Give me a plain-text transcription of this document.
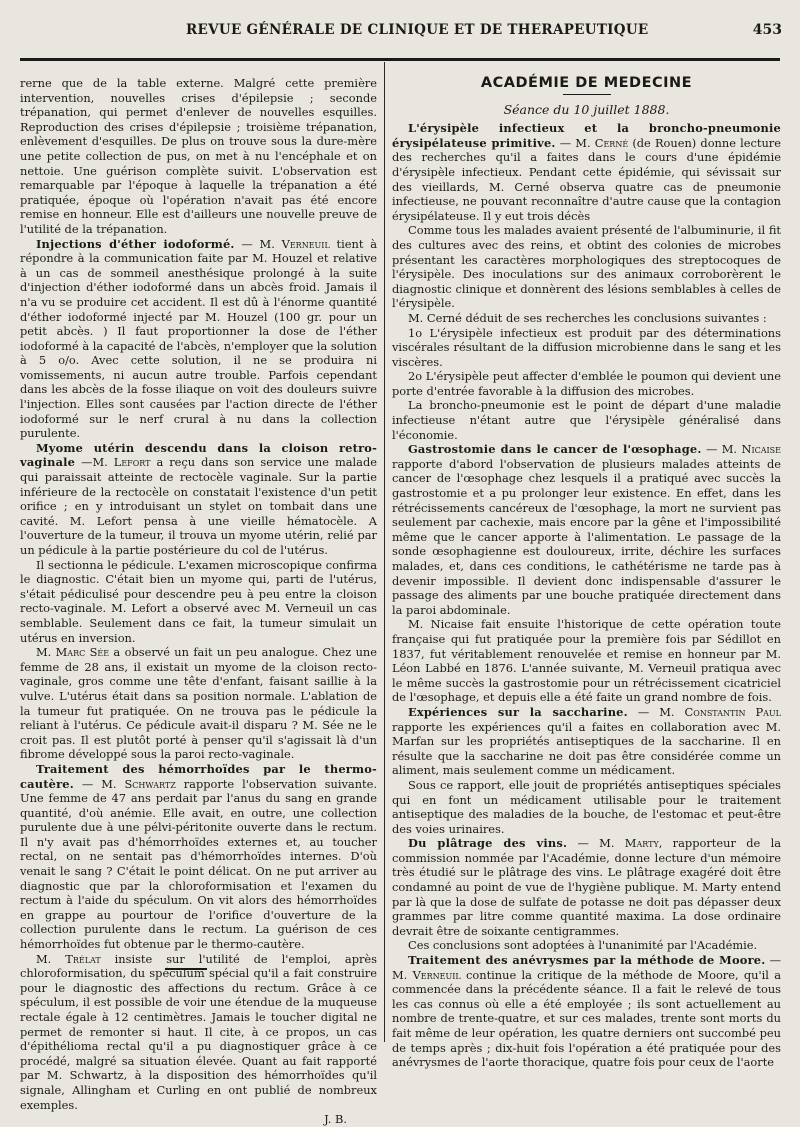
REVUE GÉNÉRALE DE CLINIQUE ET DE THERAPEUTIQUE	453

rerne que de la table externe. Malgré cette première intervention, nouvelles crises d'épilepsie ; seconde trépanation, qui permet d'enlever de nouvelles esquilles. Reproduction des crises d'épilepsie ; troisième trépanation, enlèvement d'esquilles. De plus on trouve sous la dure-mère une petite collection de pus, on met à nu l'encéphale et on nettoie. Une guérison complète suivit. L'observation est remarquable par l'époque à laquelle la trépanation a été pratiquée, époque où l'opération n'avait pas été encore remise en honneur. Elle est d'ailleurs une nouvelle preuve de l'utilité de la trépanation.

Injections d'éther iodoformé. — M. Verneuil tient à répondre à la communication faite par M. Houzel et relative à un cas de sommeil anesthésique prolongé à la suite d'injection d'éther iodoformé dans un abcès froid. Jamais il n'a vu se produire cet accident. Il est dû à l'énorme quantité d'éther iodoformé injecté par M. Houzel (100 gr. pour un petit abcès. ) Il faut proportionner la dose de l'éther iodoformé à la capacité de l'abcès, n'employer que la solution à 5 o/o. Avec cette solution, il ne se produira ni vomissements, ni aucun autre trouble. Parfois cependant dans les abcès de la fosse iliaque on voit des douleurs suivre l'injection. Elles sont causées par l'action directe de l'éther iodoformé sur le nerf crural à nu dans la collection purulente.

Myome utérin descendu dans la cloison retro-vaginale —M. Lefort a reçu dans son service une malade qui paraissait atteinte de rectocèle vaginale. Sur la partie inférieure de la rectocèle on constatait l'existence d'un petit orifice ; en y introduisant un stylet on tombait dans une cavité. M. Lefort pensa à une vieille hématocèle. A l'ouverture de la tumeur, il trouva un myome utérin, relié par un pédicule à la partie postérieure du col de l'utérus.

Il sectionna le pédicule. L'examen microscopique confirma le diagnostic. C'était bien un myome qui, parti de l'utérus, s'était pédiculisé pour descendre peu à peu entre la cloison recto-vaginale. M. Lefort a observé avec M. Verneuil un cas semblable. Seulement dans ce fait, la tumeur simulait un utérus en inversion.

M. Marc Sée a observé un fait un peu analogue. Chez une femme de 28 ans, il existait un myome de la cloison recto-vaginale, gros comme une tête d'enfant, faisant saillie à la vulve. L'utérus était dans sa position normale. L'ablation de la tumeur fut pratiquée. On ne trouva pas le pédicule la reliant à l'utérus. Ce pédicule avait-il disparu ? M. Sée ne le croit pas. Il est plutôt porté à penser qu'il s'agissait là d'un fibrome développé sous la paroi recto-vaginale.

Traitement des hémorrhoïdes par le thermo-cautère. — M. Schwartz rapporte l'observation suivante. Une femme de 47 ans perdait par l'anus du sang en grande quantité, d'où anémie. Elle avait, en outre, une collection purulente due à une pélvi-péritonite ouverte dans le rectum. Il n'y avait pas d'hémorrhoïdes externes et, au toucher rectal, on ne sentait pas d'hémorrhoïdes internes. D'où venait le sang ? C'était le point délicat. On ne put arriver au diagnostic que par la chloroformisation et l'examen du rectum à l'aide du spéculum. On vit alors des hémorrhoïdes en grappe au pourtour de l'orifice d'ouverture de la collection purulente dans le rectum. La guérison de ces hémorrhoïdes fut obtenue par le thermo-cautère.

M. Trélat insiste sur l'utilité de l'emploi, après chloroformisation, du spéculum spécial qu'il a fait construire pour le diagnostic des affections du rectum. Grâce à ce spéculum, il est possible de voir une étendue de la muqueuse rectale égale à 12 centimètres. Jamais le toucher digital ne permet de remonter si haut. Il cite, à ce propos, un cas d'épithélioma rectal qu'il a pu diagnostiquer grâce à ce procédé, malgré sa situation élevée. Quant au fait rapporté par M. Schwartz, à la disposition des hémorrhoïdes qu'il signale, Allingham et Curling en ont publié de nombreux exemples.

J. B.

ACADÉMIE DE MEDECINE
Séance du 10 juillet 1888.

L'érysipèle infectieux et la broncho-pneumonie érysipélateuse primitive. — M. Cerné (de Rouen) donne lecture des recherches qu'il a faites dans le cours d'une épidémie d'érysipèle infectieux. Pendant cette épidémie, qui sévissait sur des vieillards, M. Cerné observa quatre cas de pneumonie infectieuse, ne pouvant reconnaître d'autre cause que la contagion érysipélateuse. Il y eut trois décès

Comme tous les malades avaient présenté de l'albuminurie, il fit des cultures avec des reins, et obtint des colonies de microbes présentant les caractères morphologiques des streptocoques de l'érysipèle. Des inoculations sur des animaux corroborèrent le diagnostic clinique et donnèrent des lésions semblables à celles de l'érysipèle.

M. Cerné déduit de ses recherches les conclusions suivantes :

1o L'érysipèle infectieux est produit par des déterminations viscérales résultant de la diffusion microbienne dans le sang et les viscères.

2o L'érysipèle peut affecter d'emblée le poumon qui devient une porte d'entrée favorable à la diffusion des microbes.

La broncho-pneumonie est le point de départ d'une maladie infectieuse n'étant autre que l'érysipèle généralisé dans l'économie.

Gastrostomie dans le cancer de l'œsophage. — M. Nicaise rapporte d'abord l'observation de plusieurs malades atteints de cancer de l'œsophage chez lesquels il a pratiqué avec succès la gastrostomie et a pu prolonger leur existence. En effet, dans les rétrécissements cancéreux de l'œsophage, la mort ne survient pas seulement par cachexie, mais encore par la gêne et l'impossibilité même que le cancer apporte à l'alimentation. Le passage de la sonde œsophagienne est douloureux, irrite, déchire les surfaces malades, et, dans ces conditions, le cathétérisme ne tarde pas à devenir impossible. Il devient donc indispensable d'assurer le passage des aliments par une bouche pratiquée directement dans la paroi abdominale.

M. Nicaise fait ensuite l'historique de cette opération toute française qui fut pratiquée pour la première fois par Sédillot en 1837, fut véritablement renouvelée et remise en honneur par M. Léon Labbé en 1876. L'année suivante, M. Verneuil pratiqua avec le même succès la gastrostomie pour un rétrécissement cicatriciel de l'œsophage, et depuis elle a été faite un grand nombre de fois.

Expériences sur la saccharine. — M. Constantin Paul rapporte les expériences qu'il a faites en collaboration avec M. Marfan sur les propriétés antiseptiques de la saccharine. Il en résulte que la saccharine ne doit pas être considérée comme un aliment, mais seulement comme un médicament.

Sous ce rapport, elle jouit de propriétés antiseptiques spéciales qui en font un médicament utilisable pour le traitement antiseptique des maladies de la bouche, de l'estomac et peut-être des voies urinaires.

Du plâtrage des vins. — M. Marty, rapporteur de la commission nommée par l'Académie, donne lecture d'un mémoire très étudié sur le plâtrage des vins. Le plâtrage exagéré doit être condamné au point de vue de l'hygiène publique. M. Marty entend par là que la dose de sulfate de potasse ne doit pas dépasser deux grammes par litre comme quantité maxima. La dose ordinaire devrait être de soixante centigrammes.

Ces conclusions sont adoptées à l'unanimité par l'Académie.

Traitement des anévrysmes par la méthode de Moore. — M. Verneuil continue la critique de la méthode de Moore, qu'il a commencée dans la précédente séance. Il a fait le relevé de tous les cas connus où elle a été employée ; ils sont actuellement au nombre de trente-quatre, et sur ces malades, trente sont morts du fait même de leur opération, les quatre derniers ont succombé peu de temps après ; dix-huit fois l'opération a été pratiquée pour des anévrysmes de l'aorte thoracique, quatre fois pour ceux de l'aorte
